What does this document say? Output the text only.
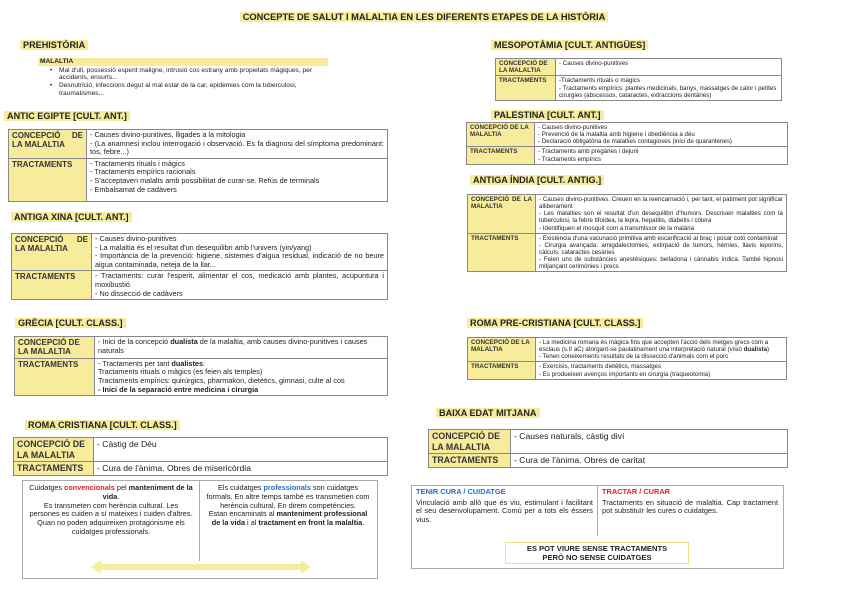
CONCEPTE DE SALUT I MALALTIA EN LES DIFERENTS ETAPES DE LA HISTÒRIA
PREHISTÒRIA
MALALTIA
•	Mal d'ull, possessió esperit maligne, intrusió cos estrany amb propietats màgiques, per accidents, ensurts...
•	Desnutrició, infeccions degut al mal estar de la car, epidèmies com la tuberculosi, traumatismes...
ANTIC EGIPTE [CULT. ANT.]
CONCEPCIÓ DE LA MALALTIA	- Causes divino-punitives, lligades a la mitologia

- (La anamnesi inclou interrogació i observació. Es fa diagnosi del símptoma predominant: tos, febre...)

TRACTAMENTS	- Tractaments rituals i màgics

- Tractaments empírics racionals

- S'acceptaven malalts amb possibilitat de curar-se. Refús de terminals

- Embalsamat de cadàvers

ANTIGA XINA [CULT. ANT.]
CONCEPCIÓ DE LA MALALTIA	- Causes divino-punitives

- La malaltia és el resultat d'un desequilibri amb l'univers (yin/yang)

- Importància de la prevenció: higiene, sistemes d'aigua residual, indicació de no beure aigua contaminada, neteja de la llar...

TRACTAMENTS	- Tractaments: curar l'esperit, alimentar el cos, medicació amb plantes, acupuntura i moxibustió

- No dissecció de cadàvers

GRÈCIA [CULT. CLASS.]
CONCEPCIÓ DE LA MALALTIA	- Inici de la concepció dualista de la malaltia, amb causes divino-punitives i causes naturals
TRACTAMENTS	- Tractaments per tant dualistes:

Tractaments rituals o màgics (es feien als temples)

Tractaments empírics: quirúrgics, pharmakon, dietètics, gimnasi, culte al cos

- Inici de la separació entre medicina i cirurgia

ROMA CRISTIANA [CULT. CLASS.]
CONCEPCIÓ DE LA MALALTIA	- Càstig de Déu
TRACTAMENTS	- Cura de l'ànima. Obres de misericòrdia
Cuidatges convencionals pel manteniment de la vida.
Es transmeten com herència cultural. Les persones es cuiden a sí mateixes i cuiden d'altres. Quan no poden adquireixen protagonisme els cuidatges professionals.
Els cuidatges professionals son cuidatges formals. En altre temps també es transmetien com herència cultural. En direm competències.
Estan encaminats al manteniment professional de la vida i al tractament en front la malaltia.
MESOPOTÀMIA [CULT. ANTIGÜES]
CONCEPCIÓ DE LA MALALTIA	- Causes divino-punitives

TRACTAMENTS	-Tractaments rituals o màgics

- Tractaments empírics: plantes medicinals, banys, massatges de calor i petites cirurgies (abscessos, cataractes, extraccions dentàries)

PALESTINA [CULT. ANT.]
CONCEPCIÓ DE LA MALALTIA	- Causes divino-punitives

- Prevenció de la malaltia amb higiene i obediència a déu

- Declaració obligatòria de malalties contagioses (inici de quarantenes)

TRACTAMENTS	- Tractaments amb pregàries i dejuni

- Tractaments empírics

ANTIGA ÍNDIA [CULT. ANTIG.]
CONCEPCIÓ DE LA MALALTIA	- Causes divino-punitives. Creuen en la reencarnació i, per tant, el patiment pot significar alliberament

- Les malalties son el resultat d'un desequilibri d'humors. Descriuen malalties com la tuberculosi, la febre tifoidea, la lepra, hepatitis, diabetis i còlera

- Identifiquen el mosquit com a transmissor de la malària

TRACTAMENTS	- Existència d'una vacunació primitiva amb escarificació al braç i posar cotó contaminat

- Cirurgia avançada: amigdalectomies, extirpació de tumors, hèrnies, llavis leporins, càlculs, cataractes cesàries

- Feien uns de substàncies anestèsiques: belladona i cànnabis índica. També hipnosi mitjançant cerimònies i precs

ROMA PRE-CRISTIANA [CULT. CLASS.]
CONCEPCIÓ DE LA MALALTIA	- La medicina romana és màgica fins que accepten l'acció dels metges grecs com a esclaus (s.II aC) atorgant-se paulatinament una interpretació natural (visió dualista)

- Tenen coneixements resultats de la dissecció d'animals com el porc

TRACTAMENTS	- Exercisis, tractaments dietètics, massatges

- Es produeixen avenços importants en cirurgia (traqueotomia)

BAIXA EDAT MITJANA
CONCEPCIÓ DE LA MALALTIA	- Causes naturals, càstig diví
TRACTAMENTS	- Cura de l'ànima. Obres de caritat
TENIR CURA / CUIDATGE
Vinculació amb allò que és viu, estimulant i facilitant el seu desenvolupament. Comú per a tots els éssers vius.
TRACTAR / CURAR
Tractaments en situació de malaltia. Cap tractament pot substituïr les cures o cuidatges.
ES POT VIURE SENSE TRACTAMENTS
PERÒ NO SENSE CUIDATGES
